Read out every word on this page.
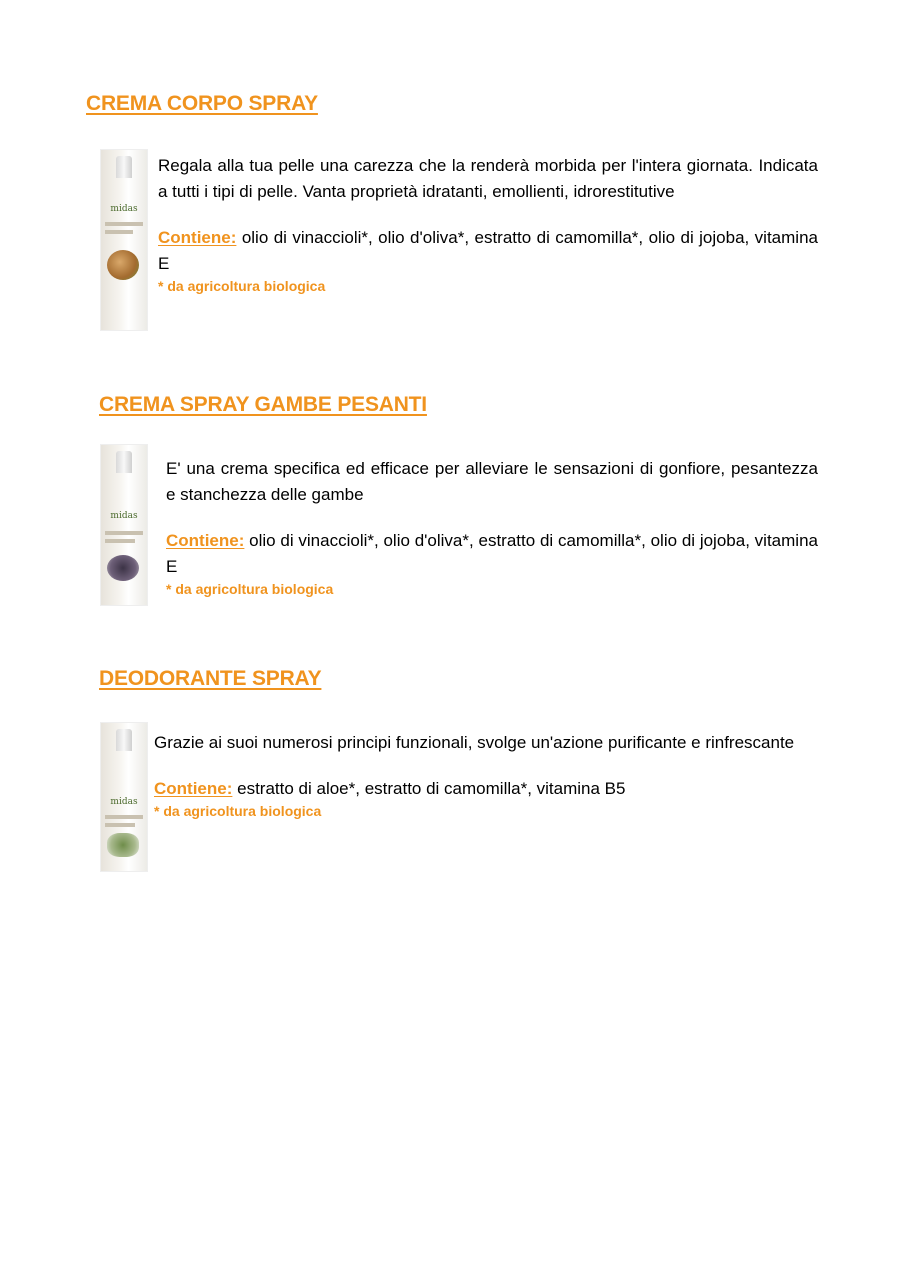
CREMA CORPO SPRAY
midas

Regala alla tua pelle una carezza che la renderà morbida per l'intera giornata. Indicata a tutti i tipi di pelle. Vanta proprietà idratanti, emollienti, idrorestitutive

Contiene: olio di vinaccioli*, olio d'oliva*, estratto di camomilla*, olio di jojoba, vitamina E

* da agricoltura biologica

CREMA SPRAY GAMBE PESANTI
midas

E' una crema specifica ed efficace per alleviare le sensazioni di gonfiore, pesantezza e stanchezza delle gambe

Contiene: olio di vinaccioli*, olio d'oliva*, estratto di camomilla*, olio di jojoba, vitamina E

* da agricoltura biologica

DEODORANTE SPRAY
midas

Grazie ai suoi numerosi principi funzionali, svolge un'azione purificante e rinfrescante

Contiene: estratto di aloe*, estratto di camomilla*, vitamina B5

* da agricoltura biologica
